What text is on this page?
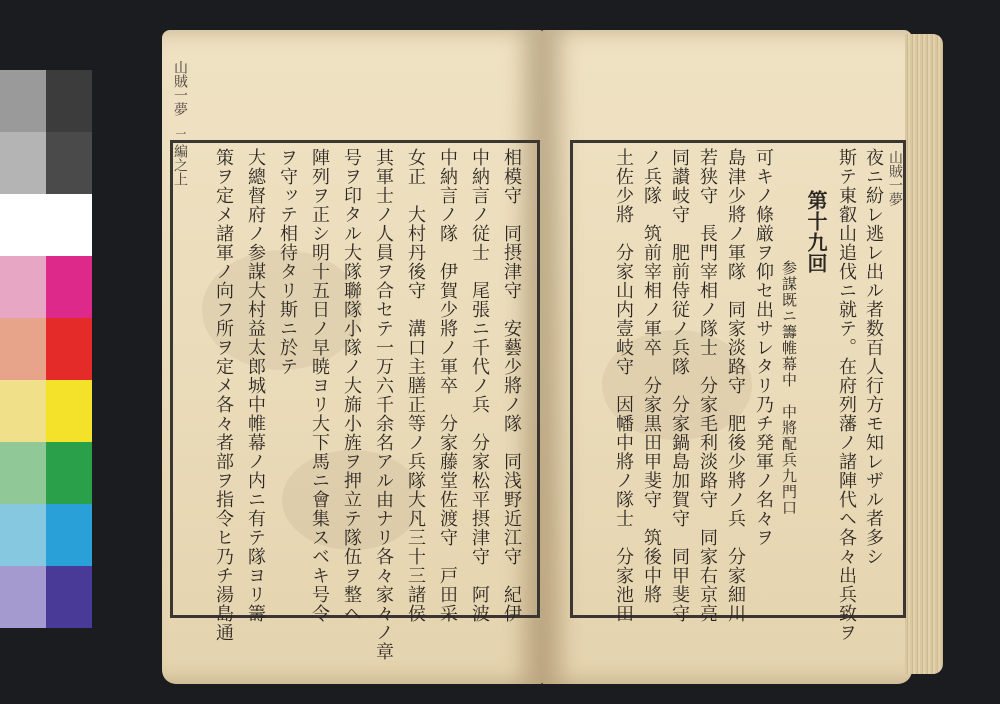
山賊一夢　二編之上	山賊一夢
夜ニ紛レ逃レ出ル者数百人行方モ知レザル者多シ
斯テ東叡山追伐ニ就テ。在府列藩ノ諸陣代ヘ各々出兵致ヲ
第十九回
参謀既ニ籌帷幕中　中將配兵九門口
可キノ條厳ヲ仰セ出サレタリ乃チ発軍ノ名々ヲ
島津少將ノ軍隊　同家淡路守　肥後少將ノ兵　分家細川
若狭守　長門宰相ノ隊士　分家毛利淡路守　同家右京亮
同讃岐守　肥前侍従ノ兵隊　分家鍋島加賀守　同甲斐守
ノ兵隊　筑前宰相ノ軍卒　分家黒田甲斐守　筑後中將
土佐少將　分家山内壹岐守　因幡中將ノ隊士　分家池田
相模守　同摂津守　安藝少將ノ隊　同浅野近江守　紀伊
中納言ノ従士　尾張ニ千代ノ兵　分家松平摂津守　阿波
中納言ノ隊　伊賀少將ノ軍卒　分家藤堂佐渡守　戸田采
女正　大村丹後守　溝口主膳正等ノ兵隊大凡三十三諸侯
其軍士ノ人員ヲ合セテ一万六千余名アル由ナリ各々家々ノ章
号ヲ印タル大隊聯隊小隊ノ大旆小旌ヲ押立テ隊伍ヲ整ヘ
陣列ヲ正シ明十五日ノ早暁ヨリ大下馬ニ會集スベキ号令
ヲ守ッテ相待タリ斯ニ於テ
大總督府ノ参謀大村益太郎城中帷幕ノ内ニ有テ隊ヨリ籌
策ヲ定メ諸軍ノ向フ所ヲ定メ各々者部ヲ指令ヒ乃チ湯島通
